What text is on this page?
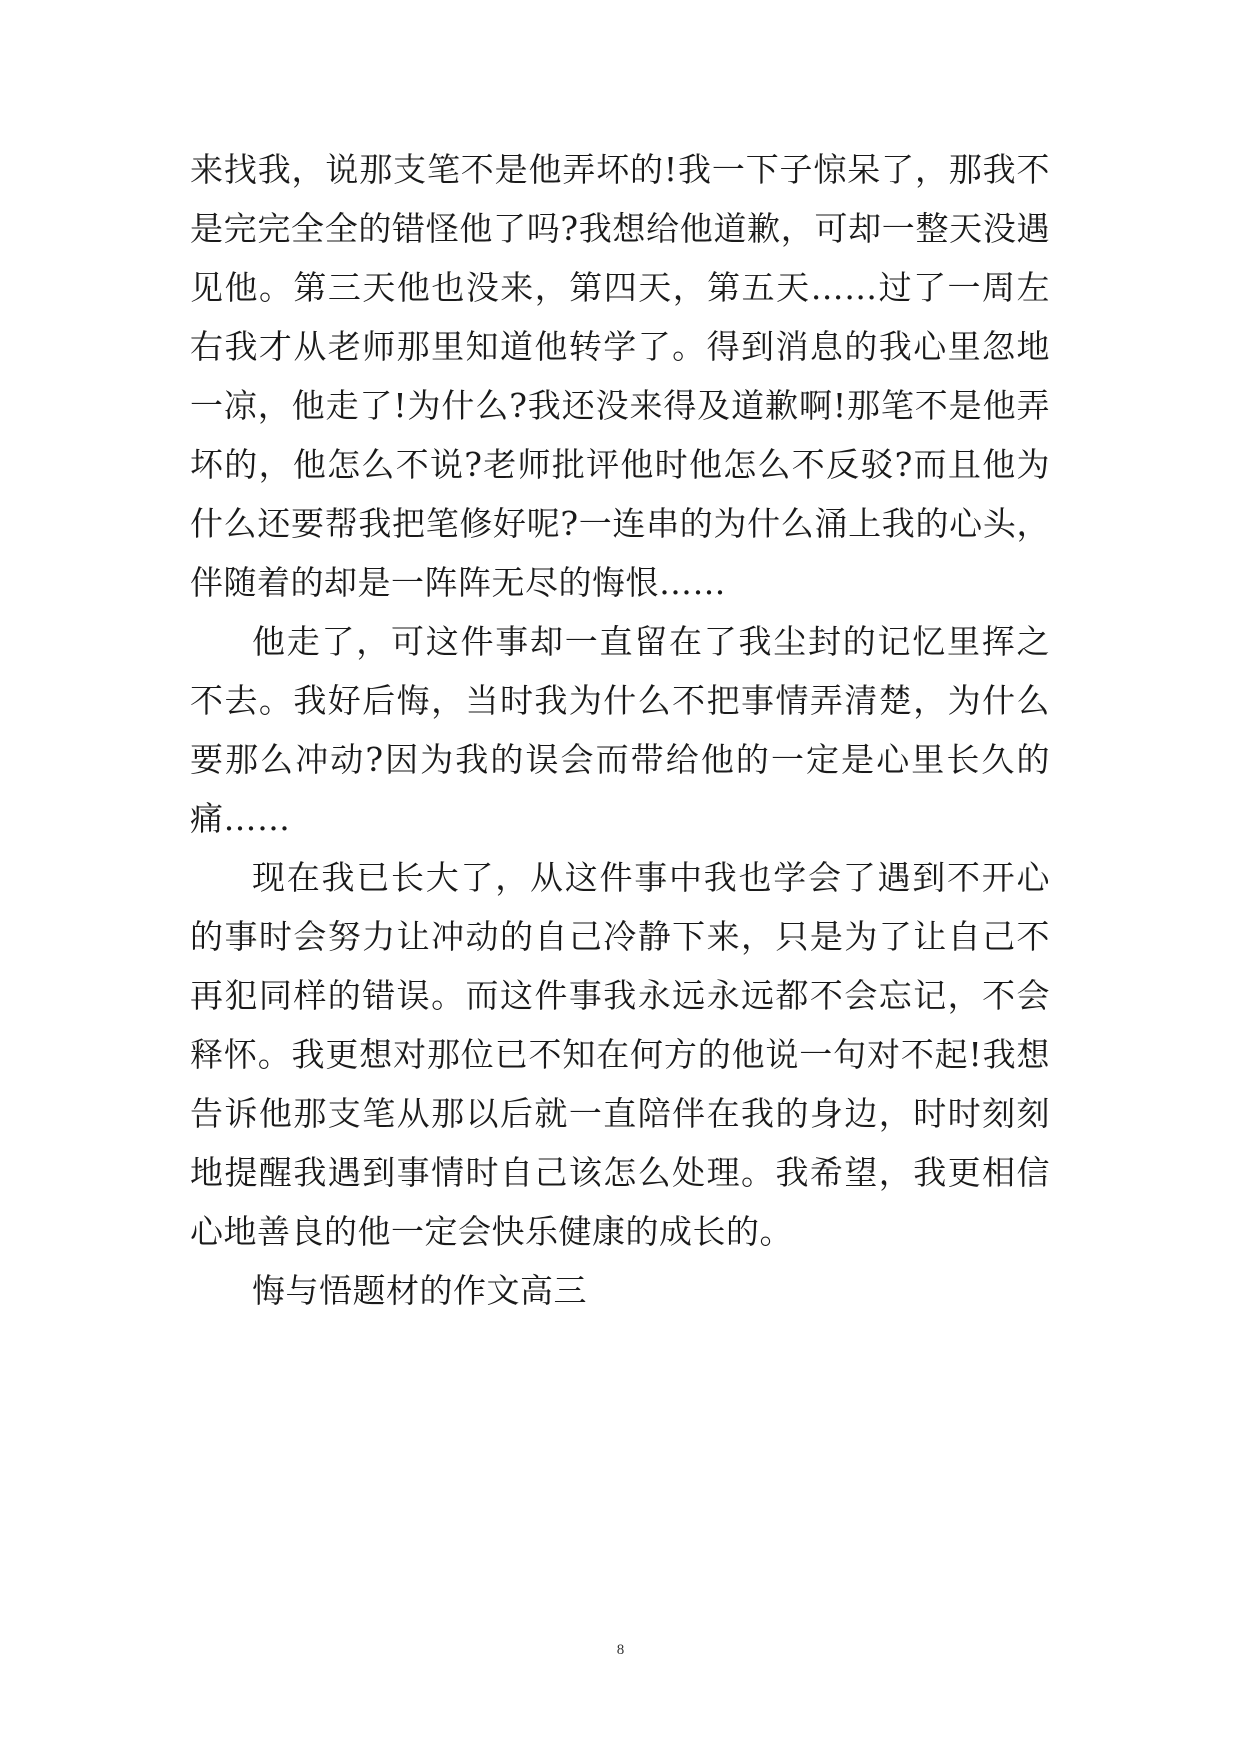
来找我，说那支笔不是他弄坏的!我一下子惊呆了，那我不是完完全全的错怪他了吗?我想给他道歉，可却一整天没遇见他。第三天他也没来，第四天，第五天……过了一周左右我才从老师那里知道他转学了。得到消息的我心里忽地一凉，他走了!为什么?我还没来得及道歉啊!那笔不是他弄坏的，他怎么不说?老师批评他时他怎么不反驳?而且他为什么还要帮我把笔修好呢?一连串的为什么涌上我的心头，伴随着的却是一阵阵无尽的悔恨……

他走了，可这件事却一直留在了我尘封的记忆里挥之不去。我好后悔，当时我为什么不把事情弄清楚，为什么要那么冲动?因为我的误会而带给他的一定是心里长久的痛……

现在我已长大了，从这件事中我也学会了遇到不开心的事时会努力让冲动的自己冷静下来，只是为了让自己不再犯同样的错误。而这件事我永远永远都不会忘记，不会释怀。我更想对那位已不知在何方的他说一句对不起!我想告诉他那支笔从那以后就一直陪伴在我的身边，时时刻刻地提醒我遇到事情时自己该怎么处理。我希望，我更相信心地善良的他一定会快乐健康的成长的。

悔与悟题材的作文高三

8
